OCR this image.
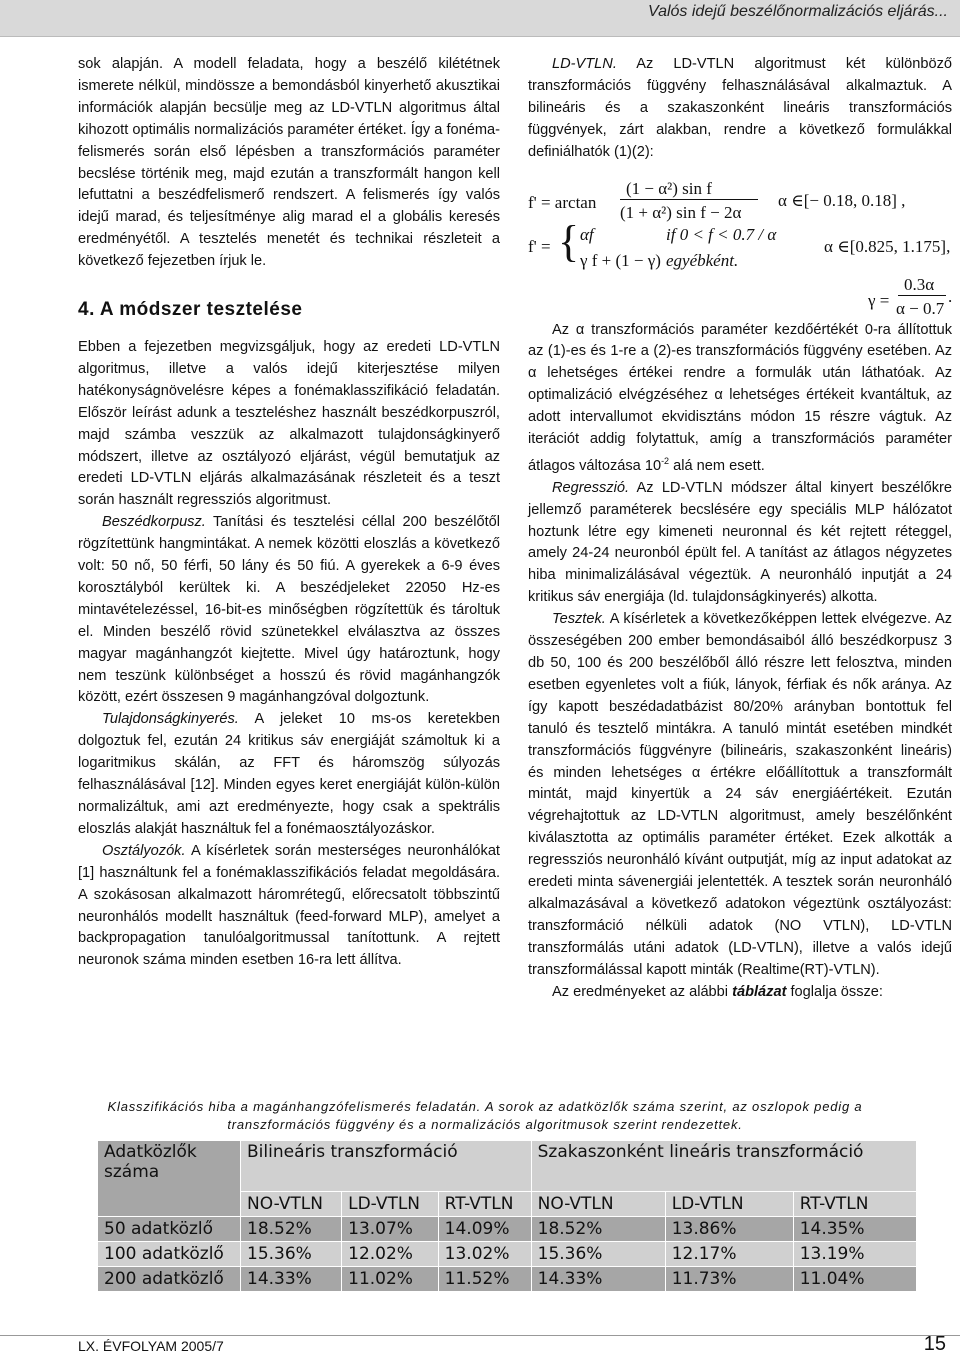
Valós idejű beszélőnormalizációs eljárás...

sok alapján. A modell feladata, hogy a beszélő kilététnek ismerete nélkül, mindössze a bemondásból kinyerhető akusztikai információk alapján becsülje meg az LD-VTLN algoritmus által kihozott optimális normalizációs paraméter értéket. Így a fonéma-felismerés során első lépésben a transzformációs paraméter becslése történik meg, majd ezután a transzformált hangon kell lefuttatni a beszédfelismerő rendszert. A felismerés így valós idejű marad, és teljesítménye alig marad el a globális keresés eredményétől. A tesztelés menetét és technikai részleteit a következő fejezetben írjuk le.

4. A módszer tesztelése

Ebben a fejezetben megvizsgáljuk, hogy az eredeti LD-VTLN algoritmus, illetve a valós idejű kiterjesztése milyen hatékonyságnövelésre képes a fonémaklasszifikáció feladatán. Először leírást adunk a teszteléshez használt beszédkorpuszról, majd számba veszzük az alkalmazott tulajdonságkinyerő módszert, illetve az osztályozó eljárást, végül bemutatjuk az eredeti LD-VTLN eljárás alkalmazásának részleteit és a teszt során használt regressziós algoritmust.

Beszédkorpusz. Tanítási és tesztelési céllal 200 beszélőtől rögzítettünk hangmintákat. A nemek közötti eloszlás a következő volt: 50 nő, 50 férfi, 50 lány és 50 fiú. A gyerekek a 6-9 éves korosztályból kerültek ki. A beszédjeleket 22050 Hz-es mintavételezéssel, 16-bit-es minőségben rögzítettük és tároltuk el. Minden beszélő rövid szünetekkel elválasztva az összes magyar magánhangzót kiejtette. Mivel úgy határoztunk, hogy nem teszünk különbséget a hosszú és rövid magánhangzók között, ezért összesen 9 magánhangzóval dolgoztunk.

Tulajdonságkinyerés. A jeleket 10 ms-os keretekben dolgoztuk fel, ezután 24 kritikus sáv energiáját számoltuk ki a logaritmikus skálán, az FFT és háromszög súlyozás felhasználásával [12]. Minden egyes keret energiáját külön-külön normalizáltuk, ami azt eredményezte, hogy csak a spektrális eloszlás alakját használtuk fel a fonémaosztályozáskor.

Osztályozók. A kísérletek során mesterséges neuronhálókat [1] használtunk fel a fonémaklasszifikációs feladat megoldására. A szokásosan alkalmazott háromrétegű, előrecsatolt többszintű neuronhálós modellt használtuk (feed-forward MLP), amelyet a backpropagation tanulóalgoritmussal tanítottunk. A rejtett neuronok száma minden esetben 16-ra lett állítva.

LD-VTLN. Az LD-VTLN algoritmust két különböző transzformációs függvény felhasználásával alkalmaztuk. A bilineáris és a szakaszonként lineáris transzformációs függvények, zárt alakban, rendre a következő formulákkal definiálhatók (1)(2):

f' = arctan
(1 − α²) sin f
(1 + α²) sin f − 2α
α ∈[− 0.18, 0.18] ,
f' = { αf	if 0 < f < 0.7 / α
γ f + (1 − γ) egyébként.
α ∈[0.825, 1.175],
γ =
0.3α
α − 0.7
.

Az α transzformációs paraméter kezdőértékét 0-ra állítottuk az (1)-es és 1-re a (2)-es transzformációs függvény esetében. Az α lehetséges értékei rendre a formulák után láthatóak. Az optimalizáció elvégzéséhez α lehetséges értékeit kvantáltuk, az adott intervallumot ekvidisztáns módon 15 részre vágtuk. Az iterációt addig folytattuk, amíg a transzformációs paraméter átlagos változása $10^{-2}$ alá nem esett.

Regresszió. Az LD-VTLN módszer által kinyert beszélőkre jellemző paraméterek becslésére egy speciális MLP hálózatot hoztunk létre egy kimeneti neuronnal és két rejtett réteggel, amely 24-24 neuronból épült fel. A tanítást az átlagos négyzetes hiba minimalizálásával végeztük. A neuronháló inputját a 24 kritikus sáv energiája (ld. tulajdonságkinyerés) alkotta.

Tesztek. A kísérletek a következőképpen lettek elvégezve. Az összeségében 200 ember bemondásaiból álló beszédkorpusz 3 db 50, 100 és 200 beszélőből álló részre lett felosztva, minden esetben egyenletes volt a fiúk, lányok, férfiak és nők aránya. Az így kapott beszédadatbázist 80/20% arányban bontottuk fel tanuló és tesztelő mintákra. A tanuló mintát esetében mindkét transzformációs függvényre (bilineáris, szakaszonként lineáris) és minden lehetséges α értékre előállítottuk a transzformált mintát, majd kinyertük a 24 sáv energiáértékeit. Ezután végrehajtottuk az LD-VTLN algoritmust, amely beszélőnként kiválasztotta az optimális paraméter értéket. Ezek alkották a regressziós neuronháló kívánt outputját, míg az input adatokat az eredeti minta sávenergiái jelentették. A tesztek során neuronháló alkalmazásával a következő adatokon végeztünk osztályozást: transzformáció nélküli adatok (NO VTLN), LD-VTLN transzformálás utáni adatok (LD-VTLN), illetve a valós idejű transzformálással kapott minták (Realtime(RT)-VTLN).

Az eredményeket az alábbi táblázat foglalja össze:

Klasszifikációs hiba a magánhangzófelismerés feladatán. A sorok az adatközlők száma szerint, az oszlopok pedig a transzformációs függvény és a normalizációs algoritmusok szerint rendezettek.
Adatközlők száma	Bilineáris transzformáció			Szakaszonként lineáris transzformáció		
	NO-VTLN	LD-VTLN	RT-VTLN	NO-VTLN	LD-VTLN	RT-VTLN
50 adatközlő	18.52%	13.07%	14.09%	18.52%	13.86%	14.35%
100 adatközlő	15.36%	12.02%	13.02%	15.36%	12.17%	13.19%
200 adatközlő	14.33%	11.02%	11.52%	14.33%	11.73%	11.04%
LX. ÉVFOLYAM 2005/7	15
